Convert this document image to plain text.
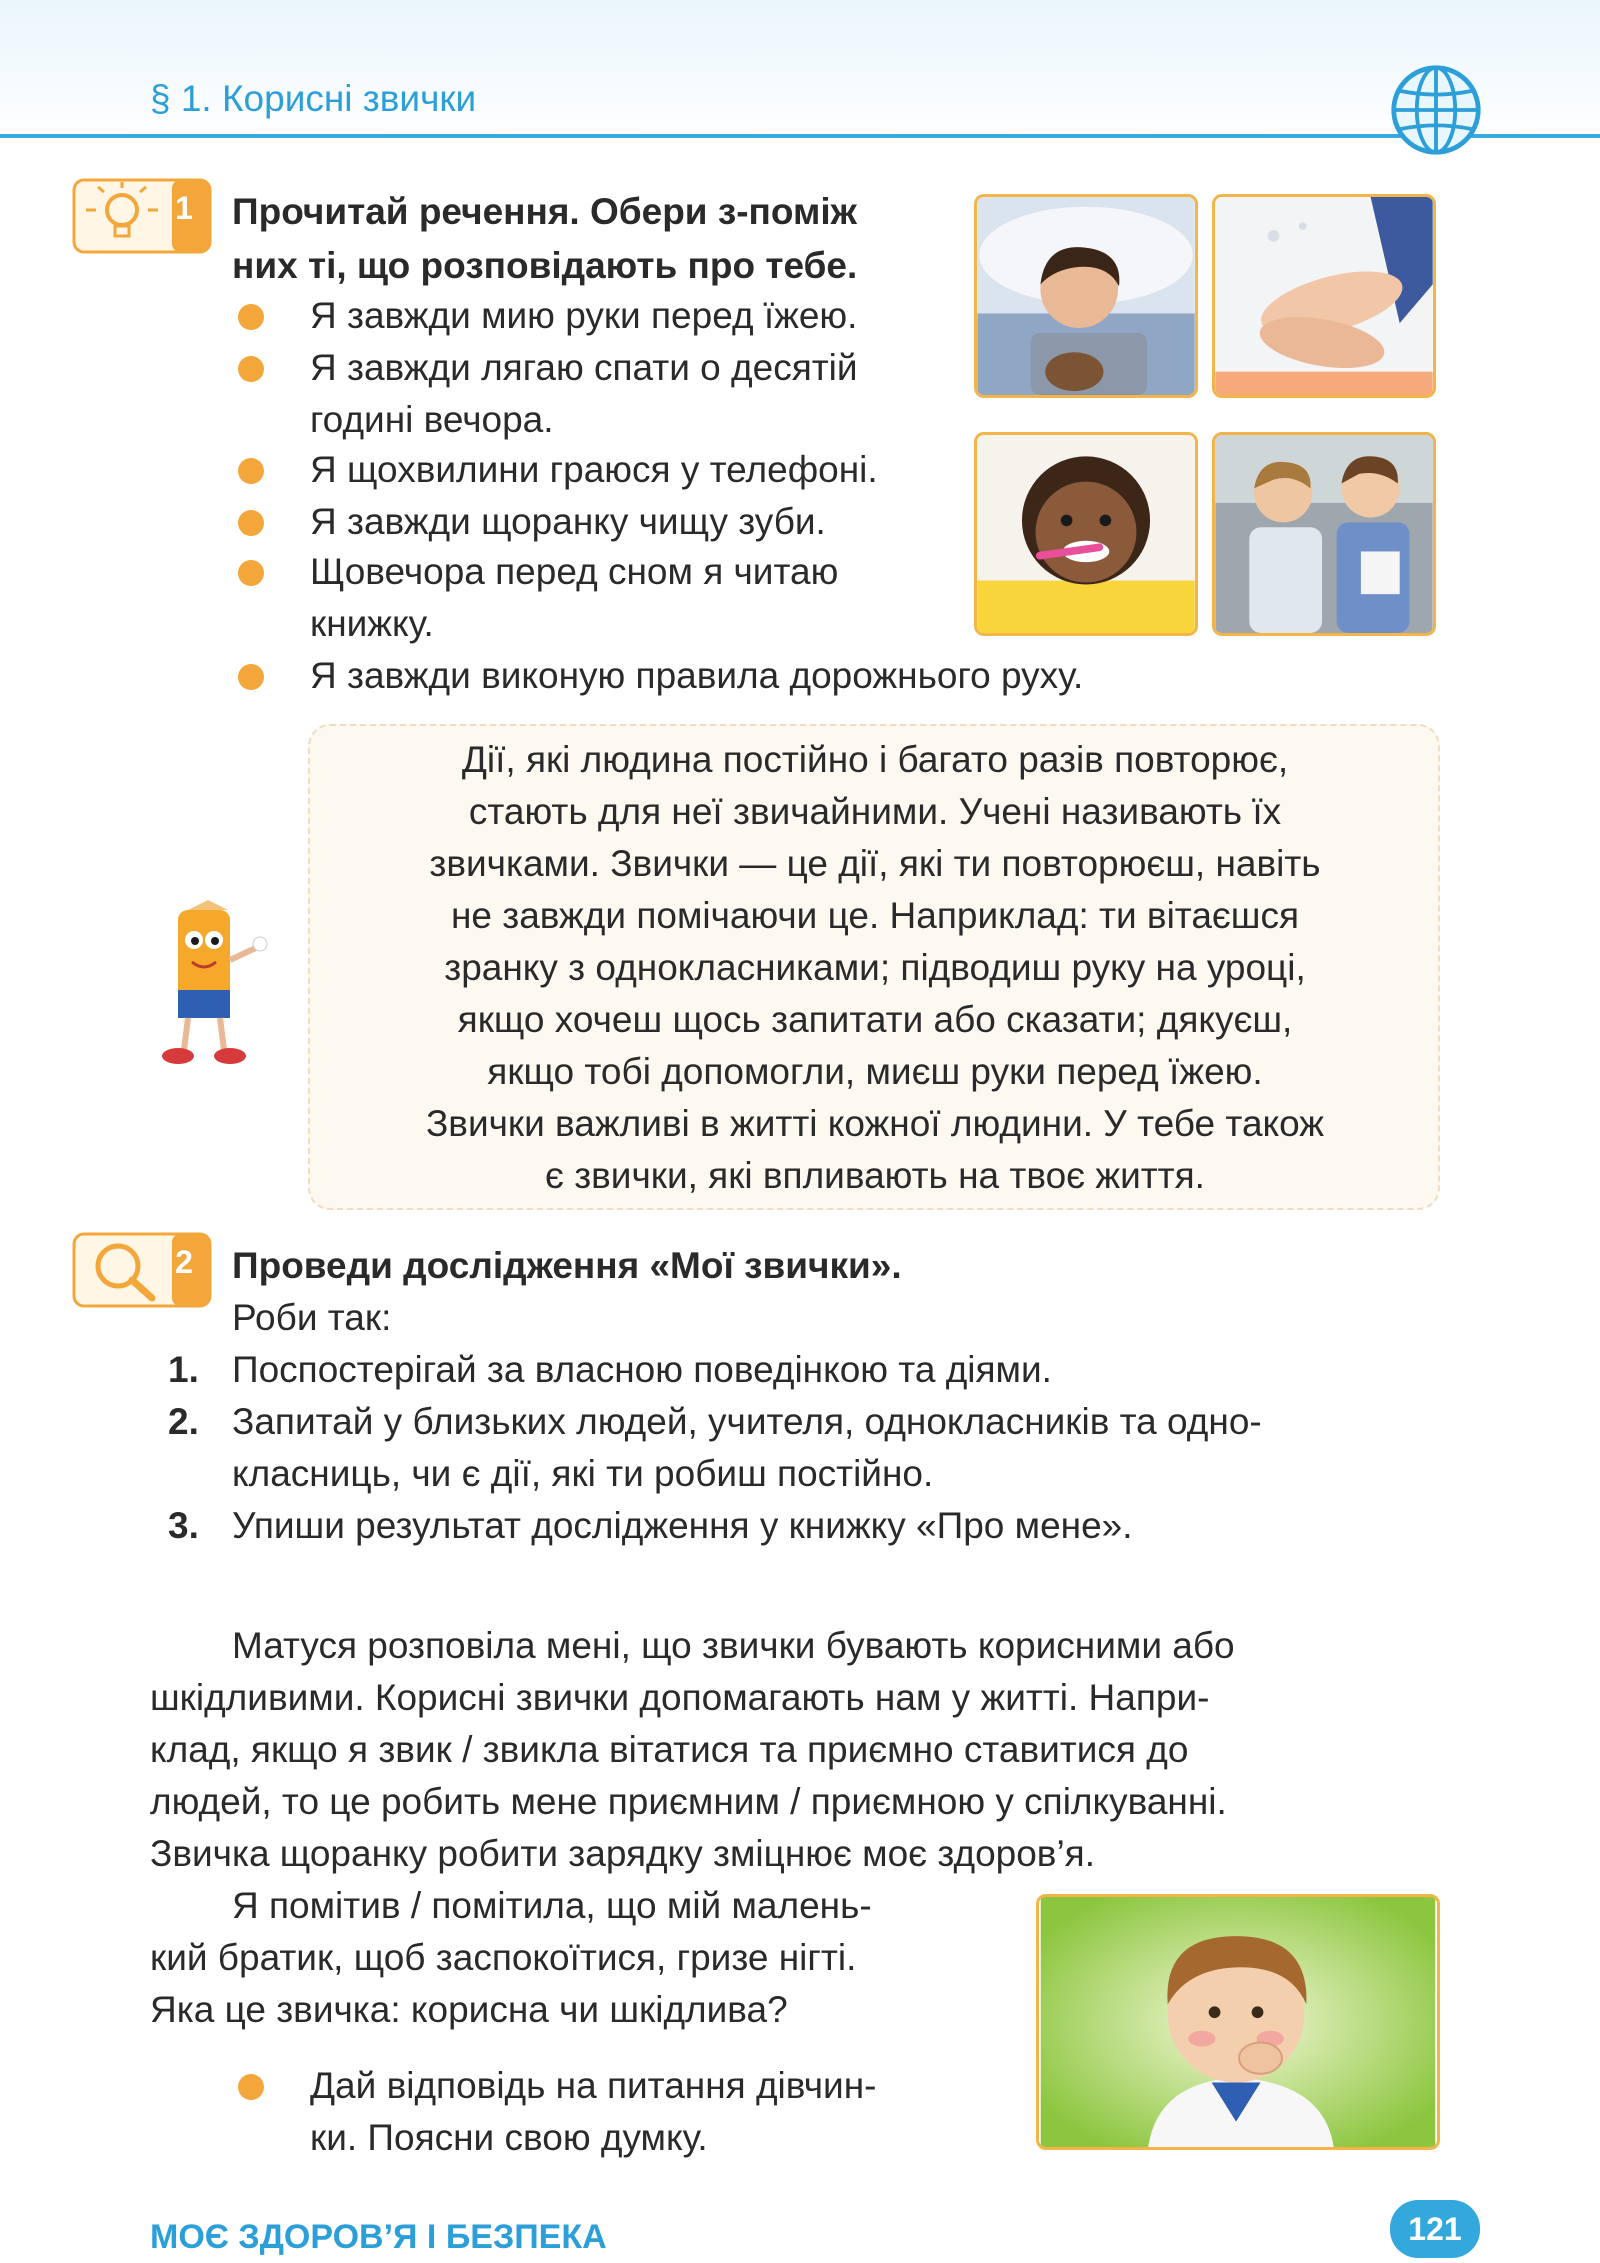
§ 1. Корисні звички
1 Прочитай речення. Обери з-поміж
них ті, що розповідають про тебе.
Я завжди мию руки перед їжею.
Я завжди лягаю спати о десятій
годині вечора.
Я щохвилини граюся у телефоні.
Я завжди щоранку чищу зуби.
Щовечора перед сном я читаю
книжку.
Я завжди виконую правила дорожнього руху.
Дії, які людина постійно і багато разів повторює,
стають для неї звичайними. Учені називають їх
звичками. Звички — це дії, які ти повторюєш, навіть
не завжди помічаючи це. Наприклад: ти вітаєшся
зранку з однокласниками; підводиш руку на уроці,
якщо хочеш щось запитати або сказати; дякуєш,
якщо тобі допомогли, миєш руки перед їжею.
Звички важливі в житті кожної людини. У тебе також
є звички, які впливають на твоє життя.
2 Проведи дослідження «Мої звички».
Роби так:
1. Поспостерігай за власною поведінкою та діями.
2. Запитай у близьких людей, учителя, однокласників та одно-
класниць, чи є дії, які ти робиш постійно.
3. Упиши результат дослідження у книжку «Про мене».
Матуся розповіла мені, що звички бувають корисними або
шкідливими. Корисні звички допомагають нам у житті. Напри-
клад, якщо я звик / звикла вітатися та приємно ставитися до
людей, то це робить мене приємним / приємною у спілкуванні.
Звичка щоранку робити зарядку зміцнює моє здоров’я.
Я помітив / помітила, що мій малень-
кий братик, щоб заспокоїтися, гризе нігті.
Яка це звичка: корисна чи шкідлива?
Дай відповідь на питання дівчин-
ки. Поясни свою думку.
МОЄ ЗДОРОВ’Я І БЕЗПЕКА	121
